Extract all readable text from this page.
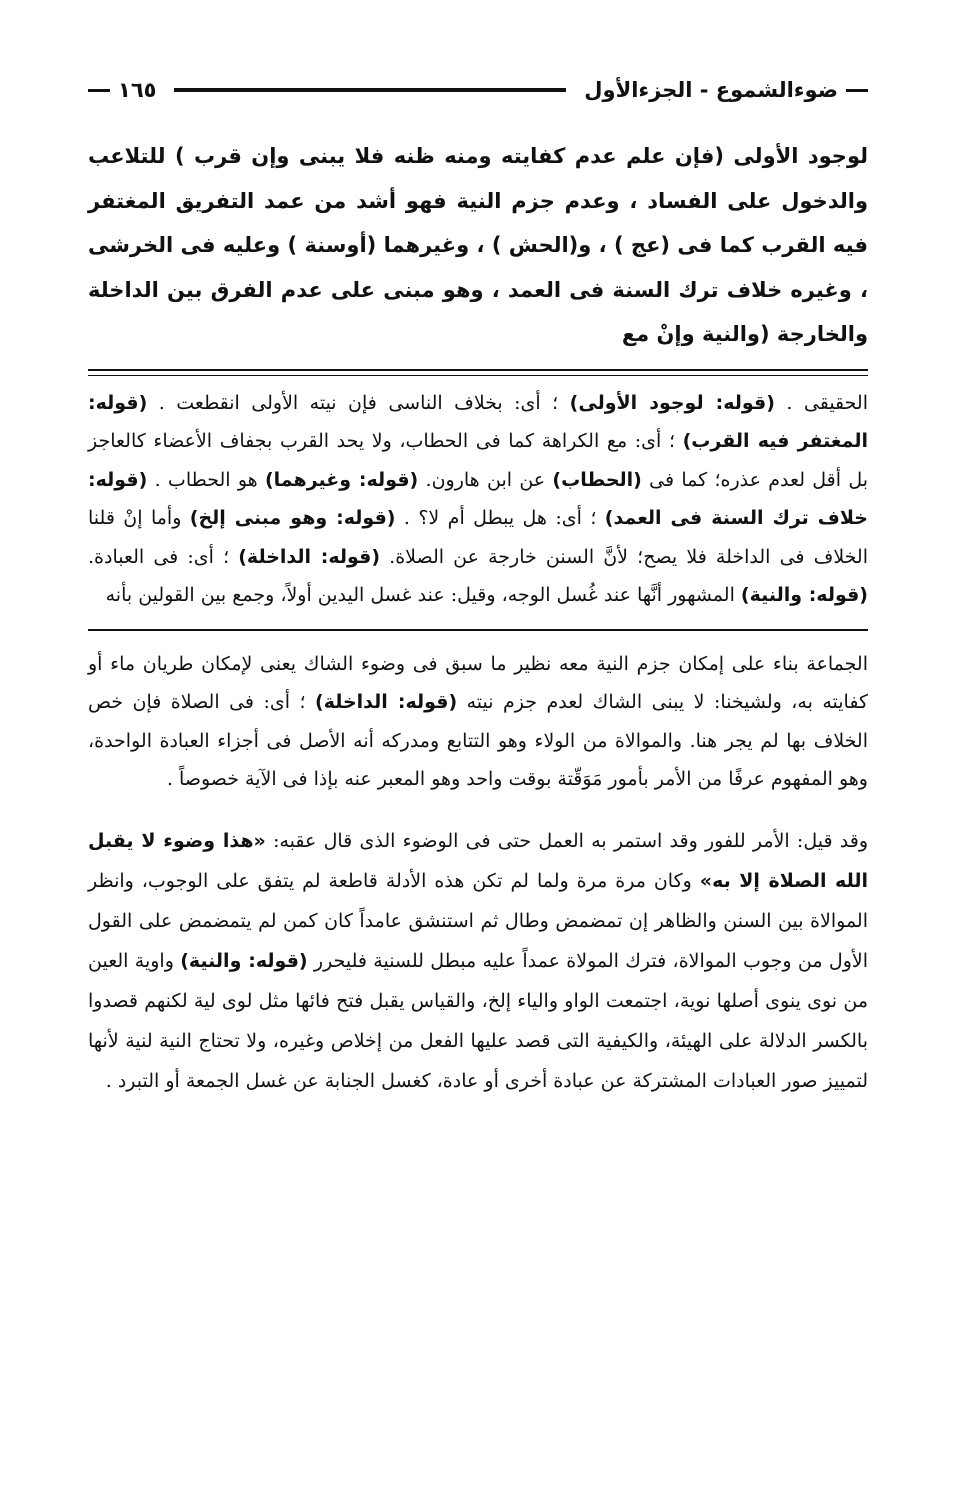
ضوءالشموع - الجزءالأول
١٦٥
لوجود الأولى (فإن علم عدم كفايته ومنه ظنه فلا يبنى وإن قرب ) للتلاعب والدخول على الفساد ، وعدم جزم النية فهو أشد من عمد التفريق المغتفر فيه القرب كما فى (عج ) ، و(الحش ) ، وغيرهما (أوسنة ) وعليه فى الخرشى ، وغيره خلاف ترك السنة فى العمد ، وهو مبنى على عدم الفرق بين الداخلة والخارجة (والنية وإنْ مع
الحقيقى . (قوله: لوجود الأولى) ؛ أى: بخلاف الناسى فإن نيته الأولى انقطعت . (قوله: المغتفر فيه القرب) ؛ أى: مع الكراهة كما فى الحطاب، ولا يحد القرب بجفاف الأعضاء كالعاجز بل أقل لعدم عذره؛ كما فى (الحطاب) عن ابن هارون. (قوله: وغيرهما) هو الحطاب . (قوله: خلاف ترك السنة فى العمد) ؛ أى: هل يبطل أم لا؟ . (قوله: وهو مبنى إلخ) وأما إنْ قلنا الخلاف فى الداخلة فلا يصح؛ لأنَّ السنن خارجة عن الصلاة. (قوله: الداخلة) ؛ أى: فى العبادة. (قوله: والنية) المشهور أنَّها عند غُسل الوجه، وقيل: عند غسل اليدين أولاً، وجمع بين القولين بأنه
الجماعة بناء على إمكان جزم النية معه نظير ما سبق فى وضوء الشاك يعنى لإمكان طريان ماء أو كفايته به، ولشيخنا: لا يبنى الشاك لعدم جزم نيته (قوله: الداخلة) ؛ أى: فى الصلاة فإن خص الخلاف بها لم يجر هنا. والموالاة من الولاء وهو التتابع ومدركه أنه الأصل فى أجزاء العبادة الواحدة، وهو المفهوم عرفًا من الأمر بأمور مَوَقّتة بوقت واحد وهو المعبر عنه بإذا فى الآية خصوصاً .
وقد قيل: الأمر للفور وقد استمر به العمل حتى فى الوضوء الذى قال عقبه: «هذا وضوء لا يقبل الله الصلاة إلا به» وكان مرة مرة ولما لم تكن هذه الأدلة قاطعة لم يتفق على الوجوب، وانظر الموالاة بين السنن والظاهر إن تمضمض وطال ثم استنشق عامداً كان كمن لم يتمضمض على القول الأول من وجوب الموالاة، فترك المولاة عمداً عليه مبطل للسنية فليحرر (قوله: والنية) واوية العين من نوى ينوى أصلها نوية، اجتمعت الواو والياء إلخ، والقياس يقبل فتح فائها مثل لوى لية لكنهم قصدوا بالكسر الدلالة على الهيئة، والكيفية التى قصد عليها الفعل من إخلاص وغيره، ولا تحتاج النية لنية لأنها لتمييز صور العبادات المشتركة عن عبادة أخرى أو عادة، كغسل الجنابة عن غسل الجمعة أو التبرد .
